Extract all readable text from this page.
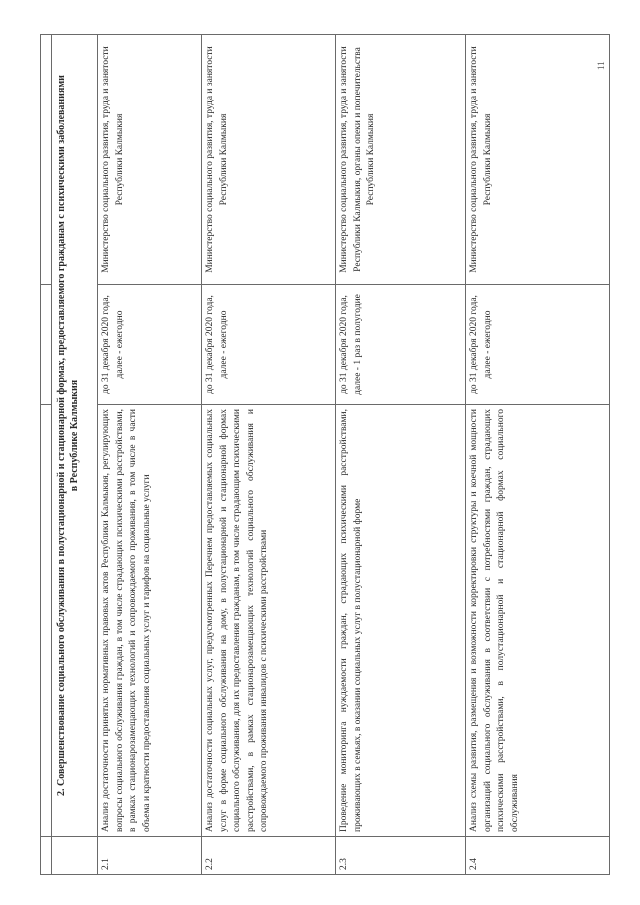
11

	2. Совершенствование социального обслуживания в полустационарной и стационарной формах, предоставляемого гражданам с психическими заболеваниями в Республике Калмыкия		
2.1	Анализ достаточности принятых нормативных правовых актов Республики Калмыкия, регулирующих вопросы социального обслуживания граждан, в том числе страдающих психическими расстройствами, в рамках стационарозамещающих технологий и сопровождаемого проживания, в том числе в части объема и кратности предоставления социальных услуг и тарифов на социальные услуги	до 31 декабря 2020 года, далее - ежегодно	Министерство социального развития, труда и занятости Республики Калмыкия
2.2	Анализ достаточности социальных услуг, предусмотренных Перечнем предоставляемых социальных услуг в форме социального обслуживания на дому, в полустационарной и стационарной формах социального обслуживания, для их предоставления гражданам, в том числе страдающим психическими расстройствами, в рамках стационарозамещающих технологий социального обслуживания и сопровождаемого проживания инвалидов с психическими расстройствами	до 31 декабря 2020 года, далее - ежегодно	Министерство социального развития, труда и занятости Республики Калмыкия
2.3	Проведение мониторинга нуждаемости граждан, страдающих психическими расстройствами, проживающих в семьях, в оказании социальных услуг в полустационарной форме	до 31 декабря 2020 года, далее - 1 раз в полугодие	Министерство социального развития, труда и занятости Республики Калмыкия, органы опеки и попечительства Республики Калмыкия
2.4	Анализ схемы развития, размещения и возможности корректировки структуры и коечной мощности организаций социального обслуживания в соответствии с потребностями граждан, страдающих психическими расстройствами, в полустационарной и стационарной формах социального обслуживания	до 31 декабря 2020 года, далее - ежегодно	Министерство социального развития, труда и занятости Республики Калмыкия
